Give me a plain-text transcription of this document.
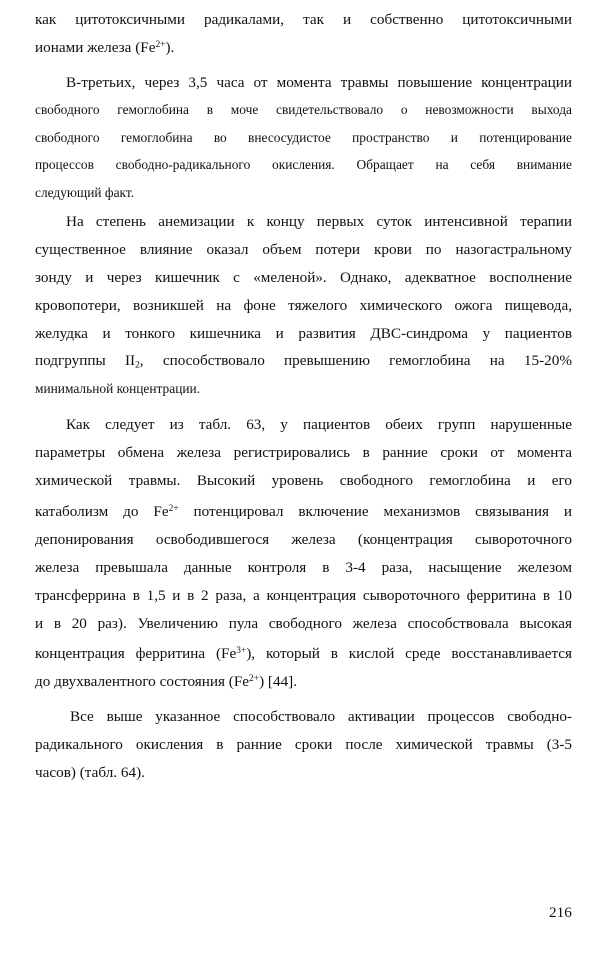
как цитотоксичными радикалами, так и собственно цитотоксичными
ионами железа $(Fe^{2+})$.
В-третьих, через 3,5 часа от момента травмы повышение концентрации
свободного гемоглобина в моче свидетельствовало о невозможности выхода
свободного гемоглобина во внесосудистое пространство и потенцирование
процессов свободно-радикального окисления. Обращает на себя внимание
следующий факт.
На степень анемизации к концу первых суток интенсивной терапии
существенное влияние оказал объем потери крови по назогастральному
зонду и через кишечник с «меленой». Однако, адекватное восполнение
кровопотери, возникшей на фоне тяжелого химического ожога пищевода,
желудка и тонкого кишечника и развития ДВС-синдрома у пациентов
подгруппы $II_2$, способствовало превышению гемоглобина на 15-20%
минимальной концентрации.
Как следует из табл. 63, у пациентов обеих групп нарушенные
параметры обмена железа регистрировались в ранние сроки от момента
химической травмы. Высокий уровень свободного гемоглобина и его
катаболизм до $Fe^{2+}$ потенцировал включение механизмов связывания и
депонирования освободившегося железа (концентрация сывороточного
железа превышала данные контроля в 3-4 раза, насыщение железом
трансферрина в 1,5 и в 2 раза, а концентрация сывороточного ферритина в 10
и в 20 раз). Увеличению пула свободного железа способствовала высокая
концентрация ферритина $(Fe^{3+})$, который в кислой среде восстанавливается
до двухвалентного состояния $(Fe^{2+})$ [44].
Все выше указанное способствовало активации процессов свободно-
радикального окисления в ранние сроки после химической травмы (3-5
часов) (табл. 64).
216
